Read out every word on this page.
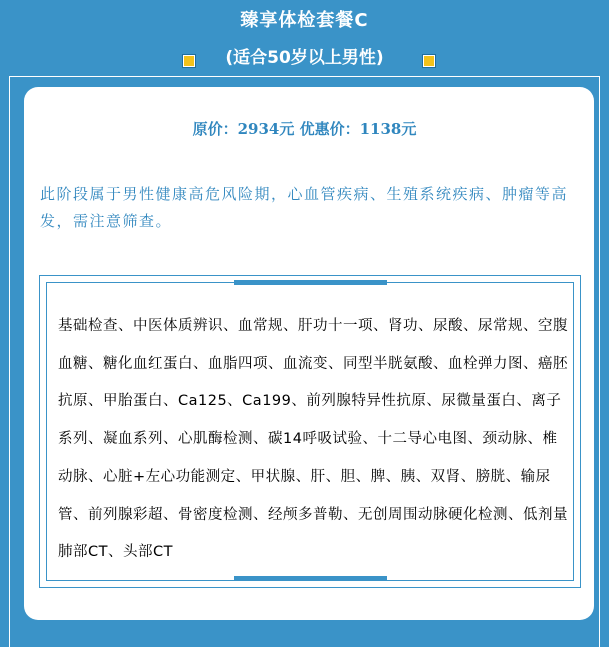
臻享体检套餐C
(适合50岁以上男性)
原价：2934元 优惠价：1138元
此阶段属于男性健康高危风险期，心血管疾病、生殖系统疾病、肿瘤等高发，需注意筛查。
基础检查、中医体质辨识、血常规、肝功十一项、肾功、尿酸、尿常规、空腹血糖、糖化血红蛋白、血脂四项、血流变、同型半胱氨酸、血栓弹力图、癌胚抗原、甲胎蛋白、Ca125、Ca199、前列腺特异性抗原、尿微量蛋白、离子系列、凝血系列、心肌酶检测、碳14呼吸试验、十二导心电图、颈动脉、椎动脉、心脏+左心功能测定、甲状腺、肝、胆、脾、胰、双肾、膀胱、输尿管、前列腺彩超、骨密度检测、经颅多普勒、无创周围动脉硬化检测、低剂量肺部CT、头部CT
